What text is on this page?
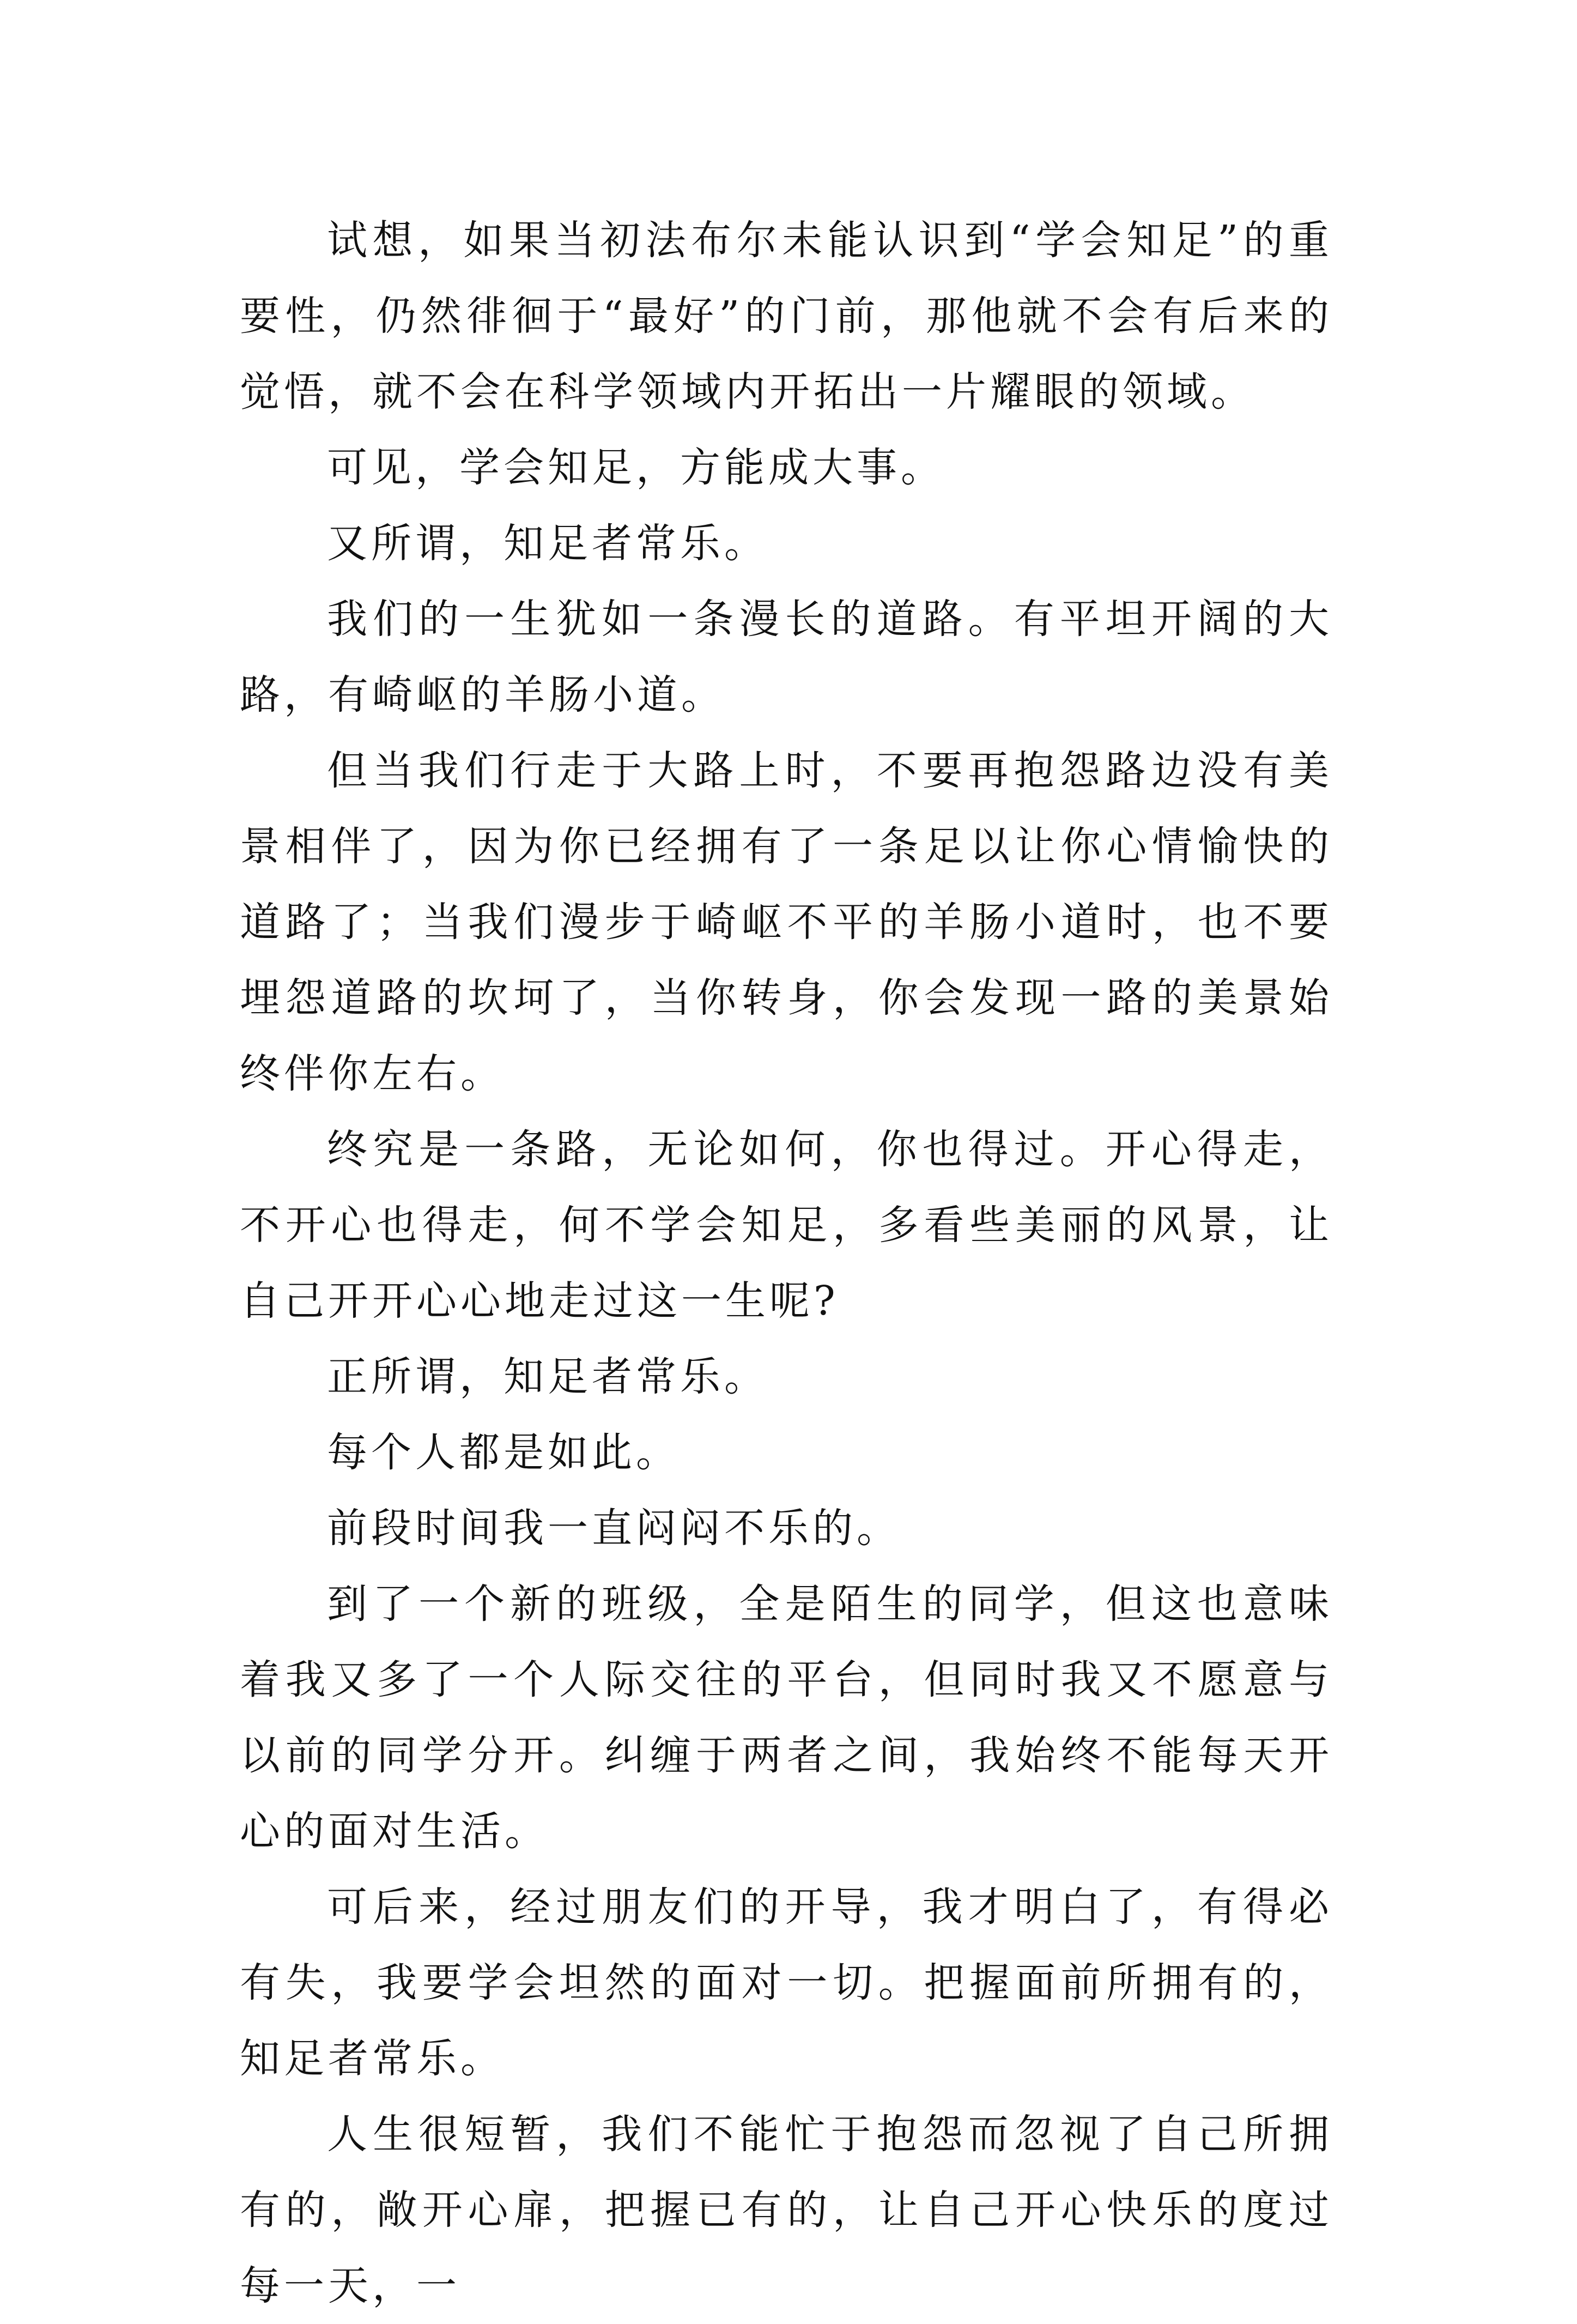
试想，如果当初法布尔未能认识到“学会知足”的重要性，仍然徘徊于“最好”的门前，那他就不会有后来的觉悟，就不会在科学领域内开拓出一片耀眼的领域。

可见，学会知足，方能成大事。

又所谓，知足者常乐。

我们的一生犹如一条漫长的道路。有平坦开阔的大路，有崎岖的羊肠小道。

但当我们行走于大路上时，不要再抱怨路边没有美景相伴了，因为你已经拥有了一条足以让你心情愉快的道路了；当我们漫步于崎岖不平的羊肠小道时，也不要埋怨道路的坎坷了，当你转身，你会发现一路的美景始终伴你左右。

终究是一条路，无论如何，你也得过。开心得走，不开心也得走，何不学会知足，多看些美丽的风景，让自己开开心心地走过这一生呢?

正所谓，知足者常乐。

每个人都是如此。

前段时间我一直闷闷不乐的。

到了一个新的班级，全是陌生的同学，但这也意味着我又多了一个人际交往的平台，但同时我又不愿意与以前的同学分开。纠缠于两者之间，我始终不能每天开心的面对生活。

可后来，经过朋友们的开导，我才明白了，有得必有失，我要学会坦然的面对一切。把握面前所拥有的，知足者常乐。

人生很短暂，我们不能忙于抱怨而忽视了自己所拥有的，敞开心扉，把握已有的，让自己开心快乐的度过每一天，一
